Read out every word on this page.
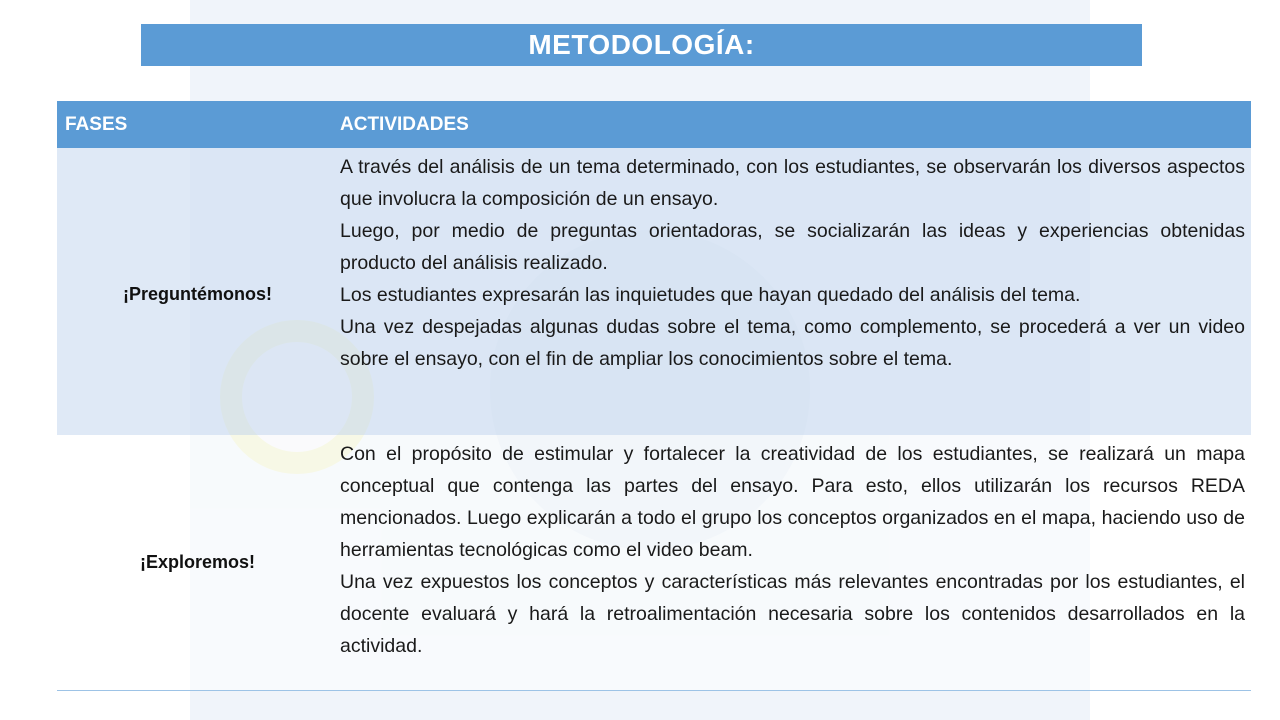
METODOLOGÍA:
FASES	ACTIVIDADES
¡Preguntémonos!

A través del análisis de un tema determinado, con los estudiantes, se observarán los diversos aspectos que involucra la composición de un ensayo.

Luego, por medio de preguntas orientadoras, se socializarán las ideas y experiencias obtenidas producto del análisis realizado.

Los estudiantes expresarán las inquietudes que hayan quedado del análisis del tema.

Una vez despejadas algunas dudas sobre el tema, como complemento, se procederá a ver un video sobre el ensayo, con el fin de ampliar los conocimientos sobre el tema.

¡Exploremos!

Con el propósito de estimular y fortalecer la creatividad de los estudiantes, se realizará un mapa conceptual que contenga las partes del ensayo. Para esto, ellos utilizarán los recursos REDA mencionados. Luego explicarán a todo el grupo los conceptos organizados en el mapa, haciendo uso de herramientas tecnológicas como el video beam.

Una vez expuestos los conceptos y características más relevantes encontradas por los estudiantes, el docente evaluará y hará la retroalimentación necesaria sobre los contenidos desarrollados en la actividad.
